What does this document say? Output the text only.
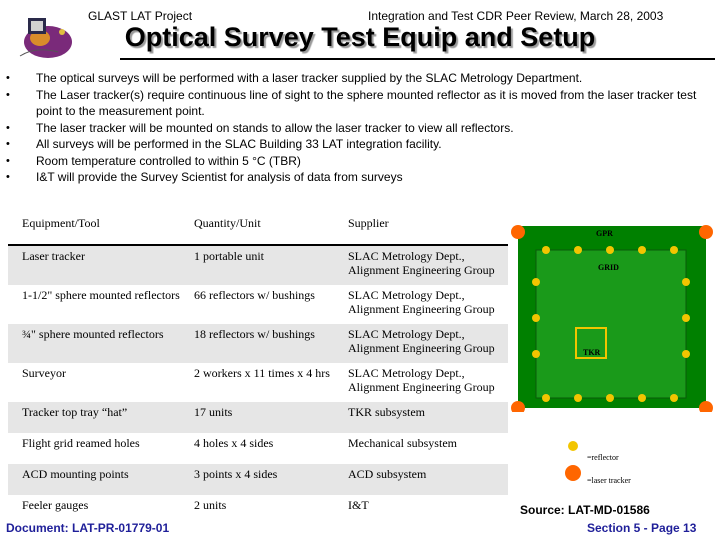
GLAST LAT Project	Integration and Test CDR Peer Review, March 28, 2003
Optical Survey Test Equip and Setup
• The optical surveys will be performed with a laser tracker supplied by the SLAC Metrology Department.
• The Laser tracker(s) require continuous line of sight to the sphere mounted reflector as it is moved from the laser tracker test point to the measurement point.
• The laser tracker will be mounted on stands to allow the laser tracker to view all reflectors.
• All surveys will be performed in the SLAC Building 33 LAT integration facility.
• Room temperature controlled to within 5 °C (TBR)
• I&T will provide the Survey Scientist for analysis of data from surveys
Equipment/Tool	Quantity/Unit	Supplier
Laser tracker	1 portable unit	SLAC Metrology Dept., Alignment Engineering Group
1-1/2" sphere mounted reflectors	66 reflectors w/ bushings	SLAC Metrology Dept., Alignment Engineering Group
¾" sphere mounted reflectors	18 reflectors w/ bushings	SLAC Metrology Dept., Alignment Engineering Group
Surveyor	2 workers x 11 times x 4 hrs	SLAC Metrology Dept., Alignment Engineering Group
Tracker top tray “hat”	17 units	TKR subsystem
Flight grid reamed holes	4 holes x 4 sides	Mechanical subsystem
ACD mounting points	3 points x 4 sides	ACD subsystem
Feeler gauges	2 units	I&T
GPR
GRID
TKR
=reflector
=laser tracker
Source: LAT-MD-01586
Document: LAT-PR-01779-01	Section 5 - Page 13
